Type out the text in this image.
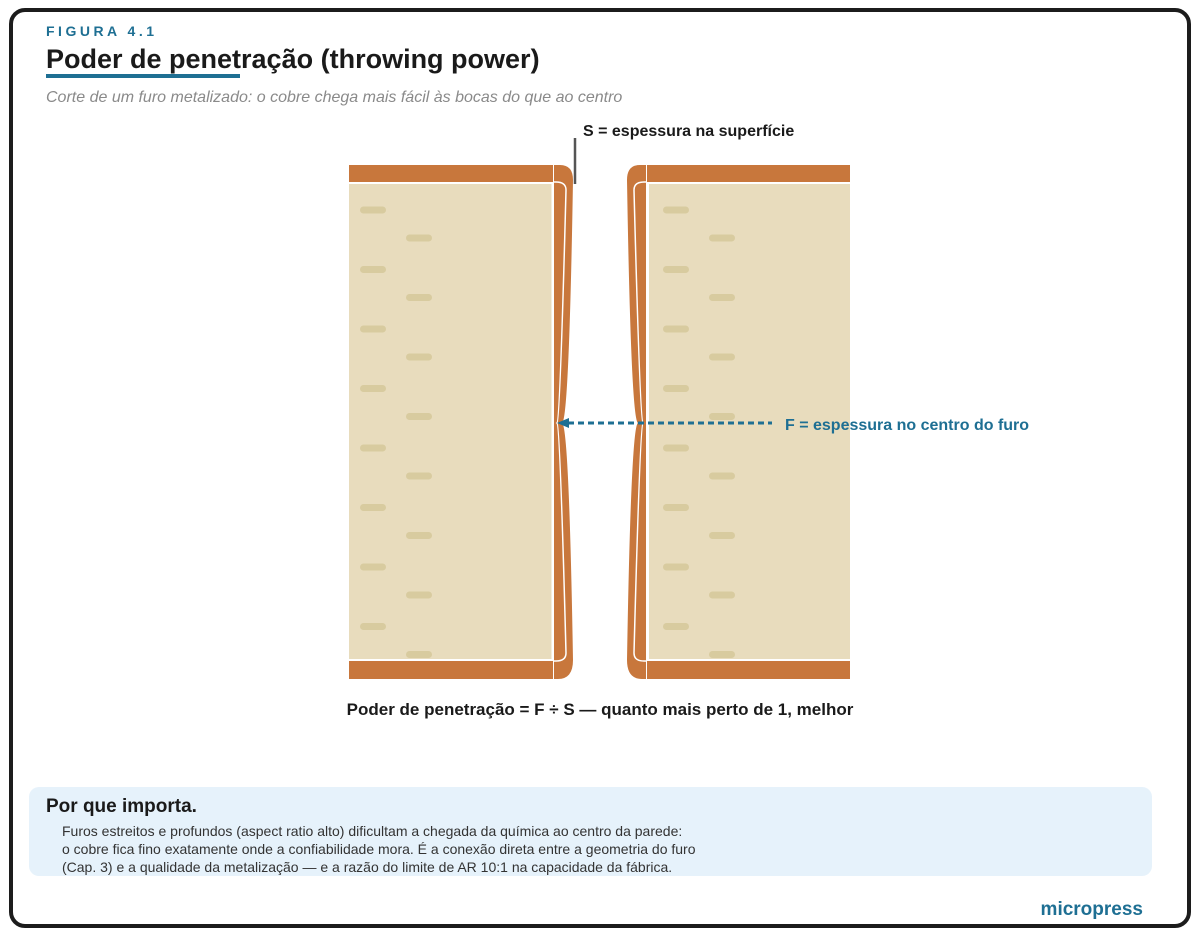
FIGURA 4.1
Poder de penetração (throwing power)
Corte de um furo metalizado: o cobre chega mais fácil às bocas do que ao centro
S = espessura na superfície
F = espessura no centro do furo
Poder de penetração = F ÷ S — quanto mais perto de 1, melhor
Por que importa.
Furos estreitos e profundos (aspect ratio alto) dificultam a chegada da química ao centro da parede:
o cobre fica fino exatamente onde a confiabilidade mora. É a conexão direta entre a geometria do furo
(Cap. 3) e a qualidade da metalização — e a razão do limite de AR 10:1 na capacidade da fábrica.
micropress
